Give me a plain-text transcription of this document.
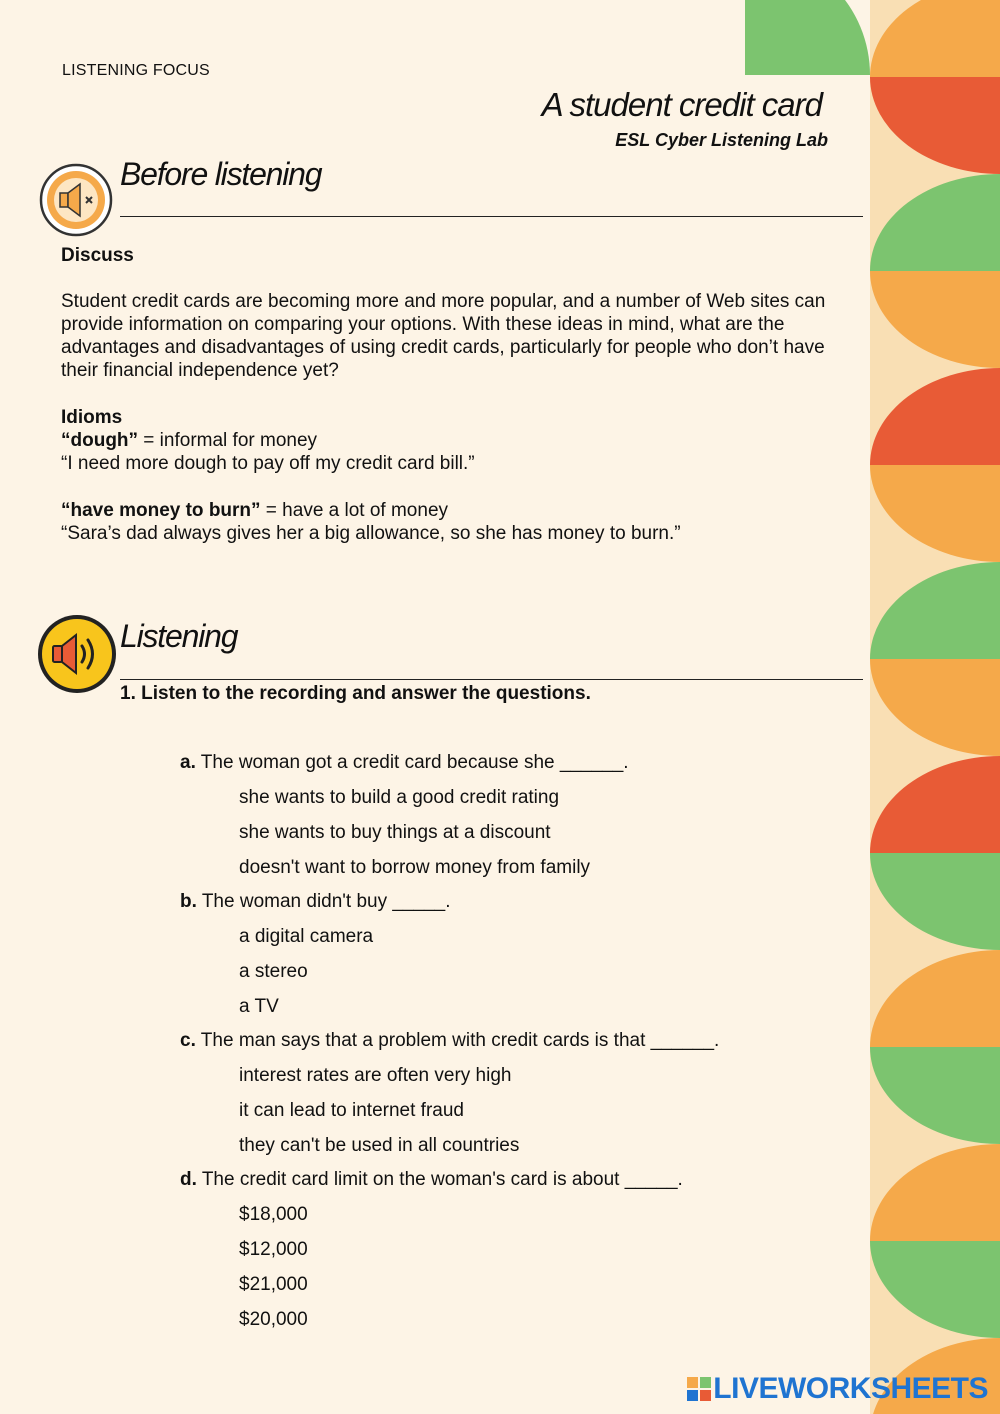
LISTENING FOCUS
A student credit card
ESL Cyber Listening Lab
Before listening
Discuss
Student credit cards are becoming more and more popular, and a number of Web sites can
provide information on comparing your options. With these ideas in mind, what are the
advantages and disadvantages of using credit cards, particularly for people who don’t have
their financial independence yet?
Idioms
“dough” = informal for money
“I need more dough to pay off my credit card bill.”
“have money to burn” = have a lot of money
“Sara’s dad always gives her a big allowance, so she has money to burn.”
Listening
1. Listen to the recording and answer the questions.
a. The woman got a credit card because she ______.
she wants to build a good credit rating
she wants to buy things at a discount
doesn't want to borrow money from family
b. The woman didn't buy _____.
a digital camera
a stereo
a TV
c. The man says that a problem with credit cards is that ______.
interest rates are often very high
it can lead to internet fraud
they can't be used in all countries
d. The credit card limit on the woman's card is about _____.
$18,000
$12,000
$21,000
$20,000
LIVEWORKSHEETS
